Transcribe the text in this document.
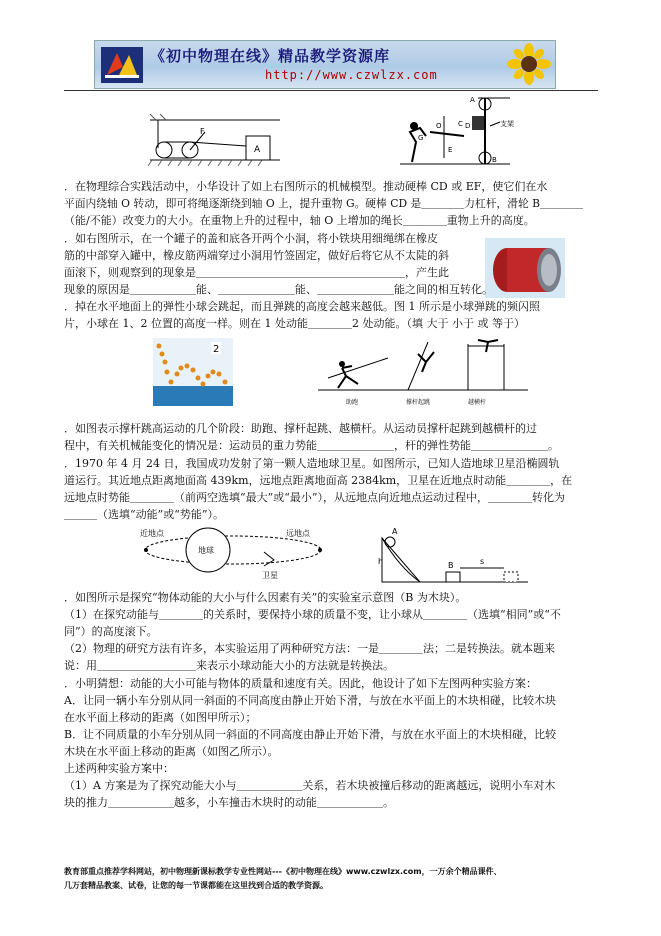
《初中物理在线》精品教学资源库
http://www.czwlzx.com
F
A
A
D	支架
B
O C
E
G
2
助跑	撑杆起跳	越横杆
近地点
地球
远地点
卫星
A
h	B	s
．在物理综合实践活动中，小华设计了如上右图所示的机械模型。推动硬棒 CD 或 EF，使它们在水
平面内绕轴 O 转动，即可将绳逐渐绕到轴 O 上，提升重物 G。硬棒 CD 是＿＿＿＿力杠杆，滑轮 B＿＿＿＿
（能/不能）改变力的大小。在重物上升的过程中，轴 O 上增加的绳长＿＿＿＿重物上升的高度。
．如右图所示，在一个罐子的盖和底各开两个小洞，将小铁块用细绳绑在橡皮
筋的中部穿入罐中，橡皮筋两端穿过小洞用竹签固定，做好后将它从不太陡的斜
面滚下，则观察到的现象是＿＿＿＿＿＿＿＿＿＿＿＿＿＿＿＿＿＿＿，产生此
现象的原因是＿＿＿＿＿＿能、＿＿＿＿＿＿＿能、＿＿＿＿＿＿＿能之间的相互转化。
．掉在水平地面上的弹性小球会跳起，而且弹跳的高度会越来越低。图 1 所示是小球弹跳的频闪照
片，小球在 1、2 位置的高度一样。则在 1 处动能＿＿＿＿2 处动能。（填 大于 小于 或 等于）
．如图表示撑杆跳高运动的几个阶段：助跑、撑杆起跳、越横杆。从运动员撑杆起跳到越横杆的过
程中，有关机械能变化的情况是：运动员的重力势能＿＿＿＿＿＿＿，杆的弹性势能＿＿＿＿＿＿＿。
．1970 年 4 月 24 日，我国成功发射了第一颗人造地球卫星。如图所示，已知人造地球卫星沿椭圆轨
道运行。其近地点距离地面高 439km，远地点距离地面高 2384km，卫星在近地点时动能＿＿＿＿，在
远地点时势能＿＿＿＿（前两空选填“最大”或“最小”），从远地点向近地点运动过程中，＿＿＿＿转化为
＿＿＿（选填“动能”或“势能”）。
．如图所示是探究“物体动能的大小与什么因素有关”的实验室示意图（B 为木块）。
（1）在探究动能与＿＿＿＿的关系时，要保持小球的质量不变，让小球从＿＿＿＿（选填“相同”或“不
同”）的高度滚下。
（2）物理的研究方法有许多，本实验运用了两种研究方法：一是＿＿＿＿法；二是转换法。就本题来
说：用＿＿＿＿＿＿＿＿＿来表示小球动能大小的方法就是转换法。
．小明猜想：动能的大小可能与物体的质量和速度有关。因此，他设计了如下左图两种实验方案：
A．让同一辆小车分别从同一斜面的不同高度由静止开始下滑，与放在水平面上的木块相碰，比较木块
在水平面上移动的距离（如图甲所示）；
B．让不同质量的小车分别从同一斜面的不同高度由静止开始下滑，与放在水平面上的木块相碰，比较
木块在水平面上移动的距离（如图乙所示）。
上述两种实验方案中：
（1）A 方案是为了探究动能大小与＿＿＿＿＿＿关系，若木块被撞后移动的距离越远，说明小车对木
块的推力＿＿＿＿＿＿越多，小车撞击木块时的动能＿＿＿＿＿＿。
教育部重点推荐学科网站，初中物理新课标教学专业性网站---《初中物理在线》www.czwlzx.com，一万余个精品课件、
几万套精品教案、试卷，让您的每一节课都能在这里找到合适的教学资源。
